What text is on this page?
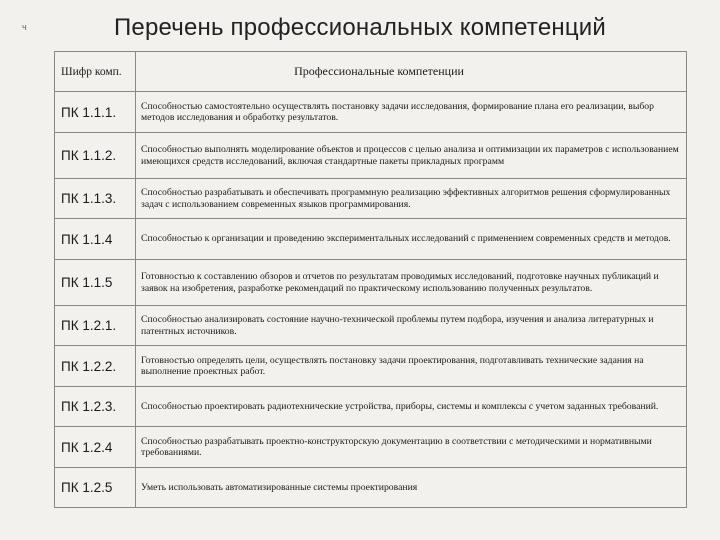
ч	Перечень профессиональных компетенций
Шифр комп.	Профессиональные компетенции
ПК 1.1.1.	Способностью самостоятельно осуществлять постановку задачи исследования, формирование плана его реализации, выбор методов исследования и обработку результатов.
ПК 1.1.2.	Способностью выполнять моделирование объектов и процессов с целью анализа и оптимизации их параметров с использованием имеющихся средств исследований, включая стандартные пакеты прикладных программ
ПК 1.1.3.	Способностью разрабатывать и обеспечивать программную реализацию эффективных алгоритмов решения сформулированных задач с использованием современных языков программирования.
ПК 1.1.4	Способностью к организации и проведению экспериментальных исследований с применением современных средств и методов.
ПК 1.1.5	Готовностью к составлению обзоров и отчетов по результатам проводимых исследований, подготовке научных публикаций и заявок на изобретения, разработке рекомендаций по практическому использованию полученных результатов.
ПК 1.2.1.	Способностью анализировать состояние научно-технической проблемы путем подбора, изучения и анализа литературных и патентных источников.
ПК 1.2.2.	Готовностью определять цели, осуществлять постановку задачи проектирования, подготавливать технические задания на выполнение проектных работ.
ПК 1.2.3.	Способностью проектировать радиотехнические устройства, приборы, системы и комплексы с учетом заданных требований.
ПК 1.2.4	Способностью разрабатывать проектно-конструкторскую документацию в соответствии с методическими и нормативными требованиями.
ПК 1.2.5	Уметь использовать автоматизированные системы проектирования
